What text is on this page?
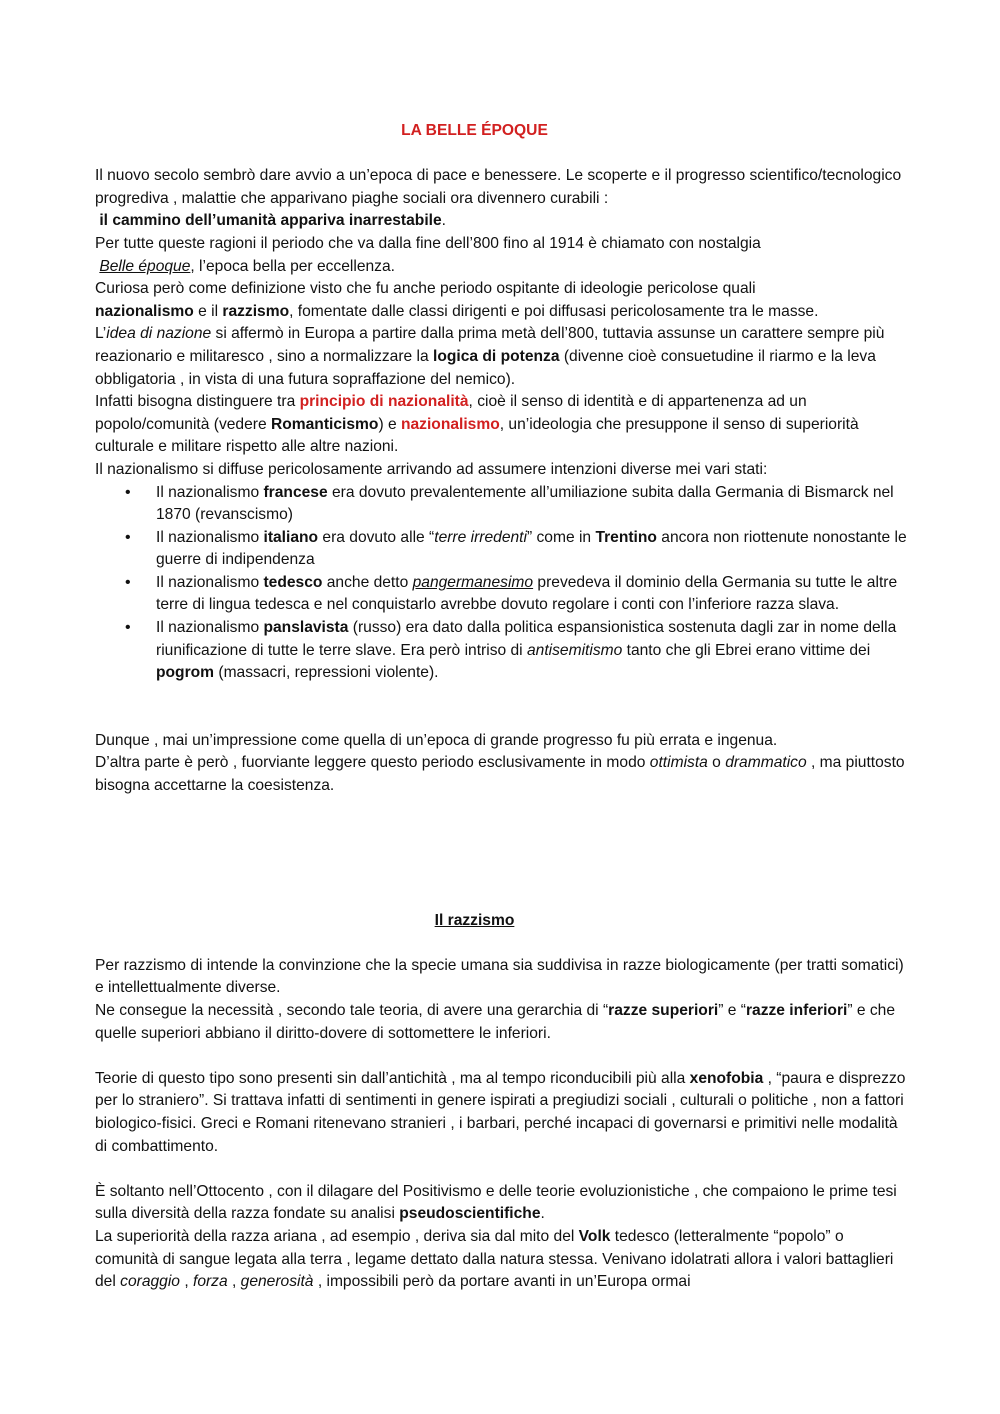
LA BELLE ÉPOQUE

Il nuovo secolo sembrò dare avvio a un’epoca di pace e benessere. Le scoperte e il progresso scientifico/tecnologico progrediva , malattie che apparivano piaghe sociali ora divennero curabili :
il cammino dell’umanità appariva inarrestabile.

Per tutte queste ragioni il periodo che va dalla fine dell’800 fino al 1914 è chiamato con nostalgia
Belle époque, l’epoca bella per eccellenza.

Curiosa però come definizione visto che fu anche periodo ospitante di ideologie pericolose quali
nazionalismo e il razzismo, fomentate dalle classi dirigenti e poi diffusasi pericolosamente tra le masse.

L’idea di nazione si affermò in Europa a partire dalla prima metà dell’800, tuttavia assunse un carattere sempre più reazionario e militaresco , sino a normalizzare la logica di potenza (divenne cioè consuetudine il riarmo e la leva obbligatoria , in vista di una futura sopraffazione del nemico).

Infatti bisogna distinguere tra principio di nazionalità, cioè il senso di identità e di appartenenza ad un popolo/comunità (vedere Romanticismo) e nazionalismo, un’ideologia che presuppone il senso di superiorità culturale e militare rispetto alle altre nazioni.

Il nazionalismo si diffuse pericolosamente arrivando ad assumere intenzioni diverse mei vari stati:

• Il nazionalismo francese era dovuto prevalentemente all’umiliazione subita dalla Germania di Bismarck nel 1870 (revanscismo)
• Il nazionalismo italiano era dovuto alle “terre irredenti” come in Trentino ancora non riottenute nonostante le guerre di indipendenza
• Il nazionalismo tedesco anche detto pangermanesimo prevedeva il dominio della Germania su tutte le altre terre di lingua tedesca e nel conquistarlo avrebbe dovuto regolare i conti con l’inferiore razza slava.
• Il nazionalismo panslavista (russo) era dato dalla politica espansionistica sostenuta dagli zar in nome della riunificazione di tutte le terre slave. Era però intriso di antisemitismo tanto che gli Ebrei erano vittime dei pogrom (massacri, repressioni violente).

Dunque , mai un’impressione come quella di un’epoca di grande progresso fu più errata e ingenua.
D’altra parte è però , fuorviante leggere questo periodo esclusivamente in modo ottimista o drammatico , ma piuttosto bisogna accettarne la coesistenza.

Il razzismo

Per razzismo di intende la convinzione che la specie umana sia suddivisa in razze biologicamente (per tratti somatici) e intellettualmente diverse.

Ne consegue la necessità , secondo tale teoria, di avere una gerarchia di “razze superiori” e “razze inferiori” e che quelle superiori abbiano il diritto-dovere di sottomettere le inferiori.

Teorie di questo tipo sono presenti sin dall’antichità , ma al tempo riconducibili più alla xenofobia , “paura e disprezzo per lo straniero”. Si trattava infatti di sentimenti in genere ispirati a pregiudizi sociali , culturali o politiche , non a fattori biologico-fisici. Greci e Romani ritenevano stranieri , i barbari, perché incapaci di governarsi e primitivi nelle modalità di combattimento.

È soltanto nell’Ottocento , con il dilagare del Positivismo e delle teorie evoluzionistiche , che compaiono le prime tesi sulla diversità della razza fondate su analisi pseudoscientifiche.

La superiorità della razza ariana , ad esempio , deriva sia dal mito del Volk tedesco (letteralmente “popolo” o comunità di sangue legata alla terra , legame dettato dalla natura stessa. Venivano idolatrati allora i valori battaglieri del coraggio , forza , generosità , impossibili però da portare avanti in un’Europa ormai
